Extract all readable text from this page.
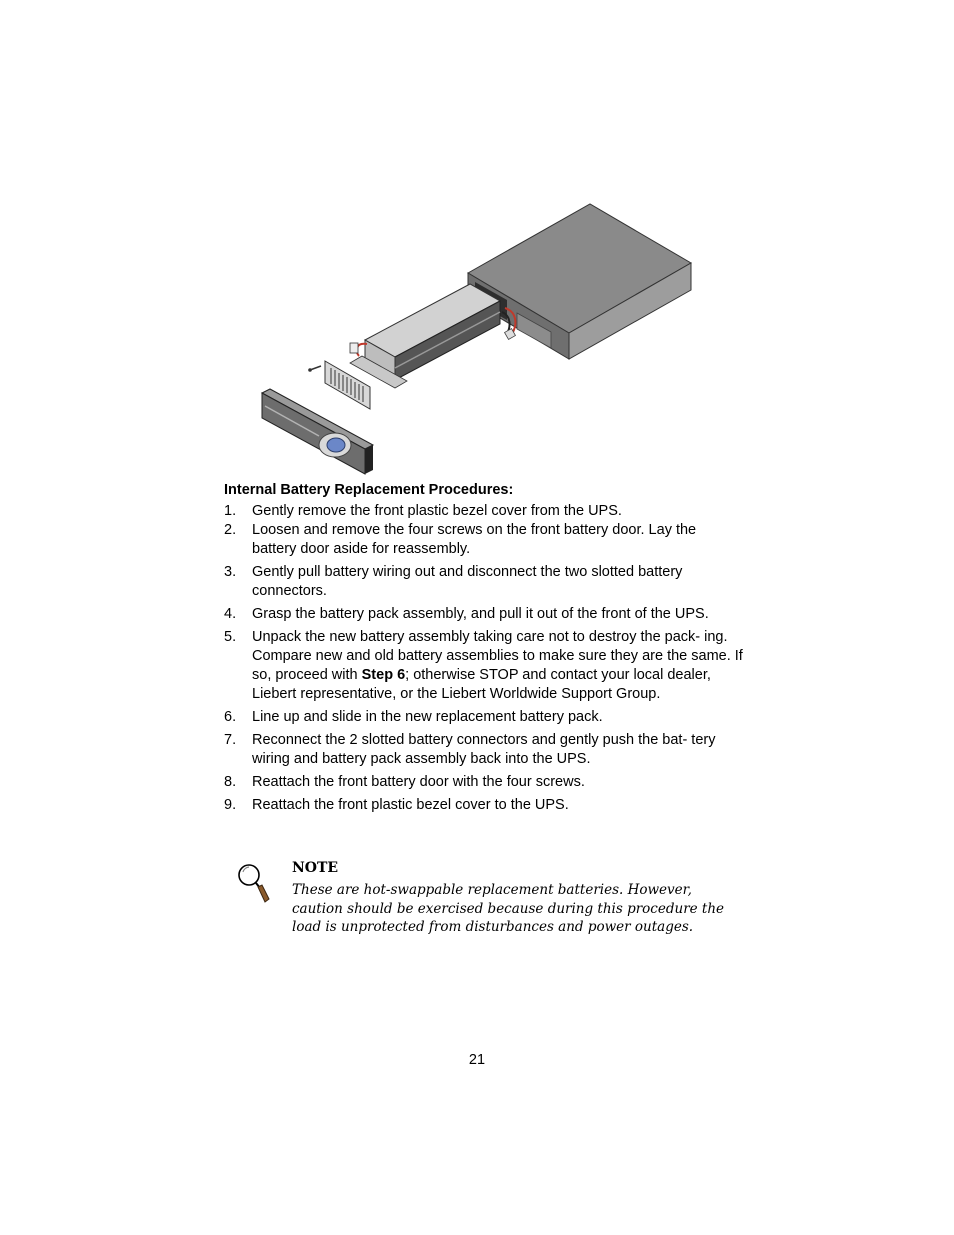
Internal Battery Replacement Procedures:
1. Gently remove the front plastic bezel cover from the UPS.
2. Loosen and remove the four screws on the front battery door. Lay the battery door aside for reassembly.
3. Gently pull battery wiring out and disconnect the two slotted battery connectors.
4. Grasp the battery pack assembly, and pull it out of the front of the UPS.
5. Unpack the new battery assembly taking care not to destroy the pack- ing. Compare new and old battery assemblies to make sure they are the same. If so, proceed with Step 6; otherwise STOP and contact your local dealer, Liebert representative, or the Liebert Worldwide Support Group.
6. Line up and slide in the new replacement battery pack.
7. Reconnect the 2 slotted battery connectors and gently push the bat- tery wiring and battery pack assembly back into the UPS.
8. Reattach the front battery door with the four screws.
9. Reattach the front plastic bezel cover to the UPS.
NOTE
These are hot-swappable replacement batteries. However, caution should be exercised because during this procedure the load is unprotected from disturbances and power outages.
21
